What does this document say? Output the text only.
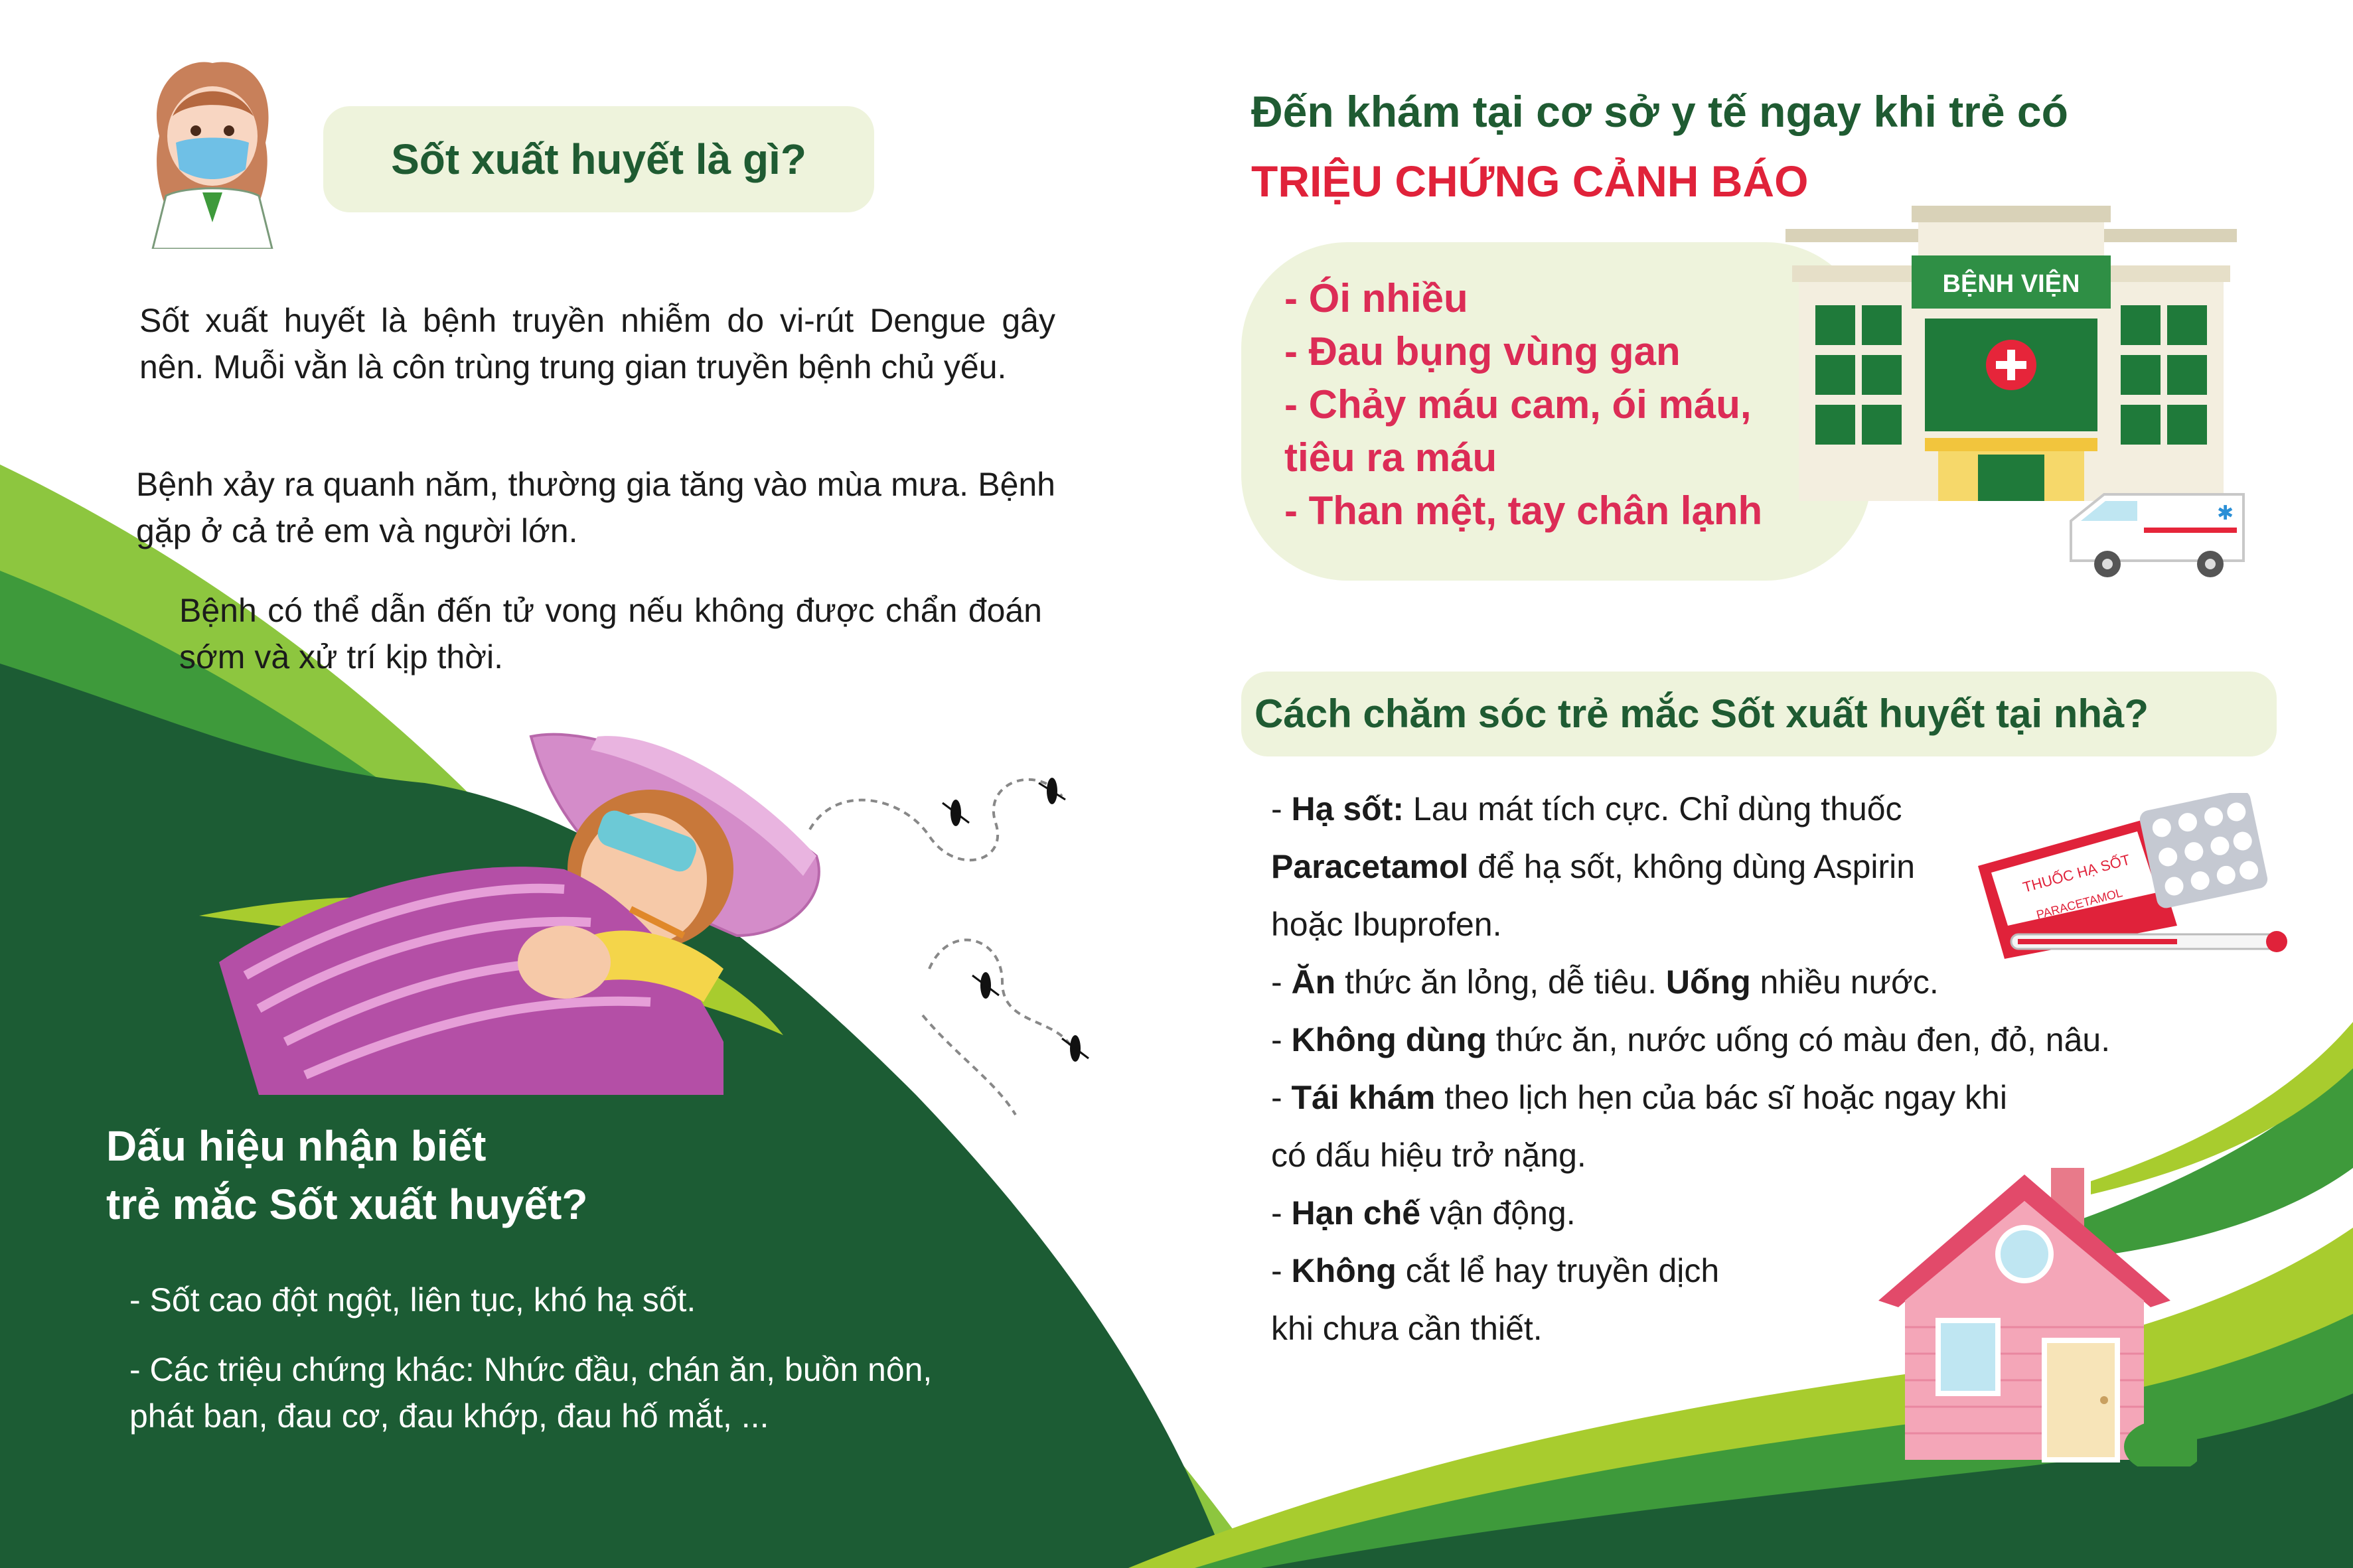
Sốt xuất huyết là gì?
Sốt xuất huyết là bệnh truyền nhiễm do vi-rút Dengue gây nên. Muỗi vằn là côn trùng trung gian truyền bệnh chủ yếu.
Bệnh xảy ra quanh năm, thường gia tăng vào mùa mưa. Bệnh gặp ở cả trẻ em và người lớn.
Bệnh có thể dẫn đến tử vong nếu không được chẩn đoán sớm và xử trí kịp thời.
Dấu hiệu nhận biết
trẻ mắc Sốt xuất huyết?
- Sốt cao đột ngột, liên tục, khó hạ sốt.
- Các triệu chứng khác: Nhức đầu, chán ăn, buồn nôn,
phát ban, đau cơ, đau khớp, đau hố mắt, ...
Đến khám tại cơ sở y tế ngay khi trẻ có
TRIỆU CHỨNG CẢNH BÁO
- Ói nhiều
- Đau bụng vùng gan
- Chảy máu cam, ói máu,
tiêu ra máu
- Than mệt, tay chân lạnh
BỆNH VIỆN
✱
Cách chăm sóc trẻ mắc Sốt xuất huyết tại nhà?
THUỐC HẠ SỐT
PARACETAMOL
- Hạ sốt: Lau mát tích cực. Chỉ dùng thuốc
Paracetamol để hạ sốt, không dùng Aspirin
hoặc Ibuprofen.
- Ăn thức ăn lỏng, dễ tiêu. Uống nhiều nước.
- Không dùng thức ăn, nước uống có màu đen, đỏ, nâu.
- Tái khám theo lịch hẹn của bác sĩ hoặc ngay khi
có dấu hiệu trở nặng.
- Hạn chế vận động.
- Không cắt lể hay truyền dịch
khi chưa cần thiết.
